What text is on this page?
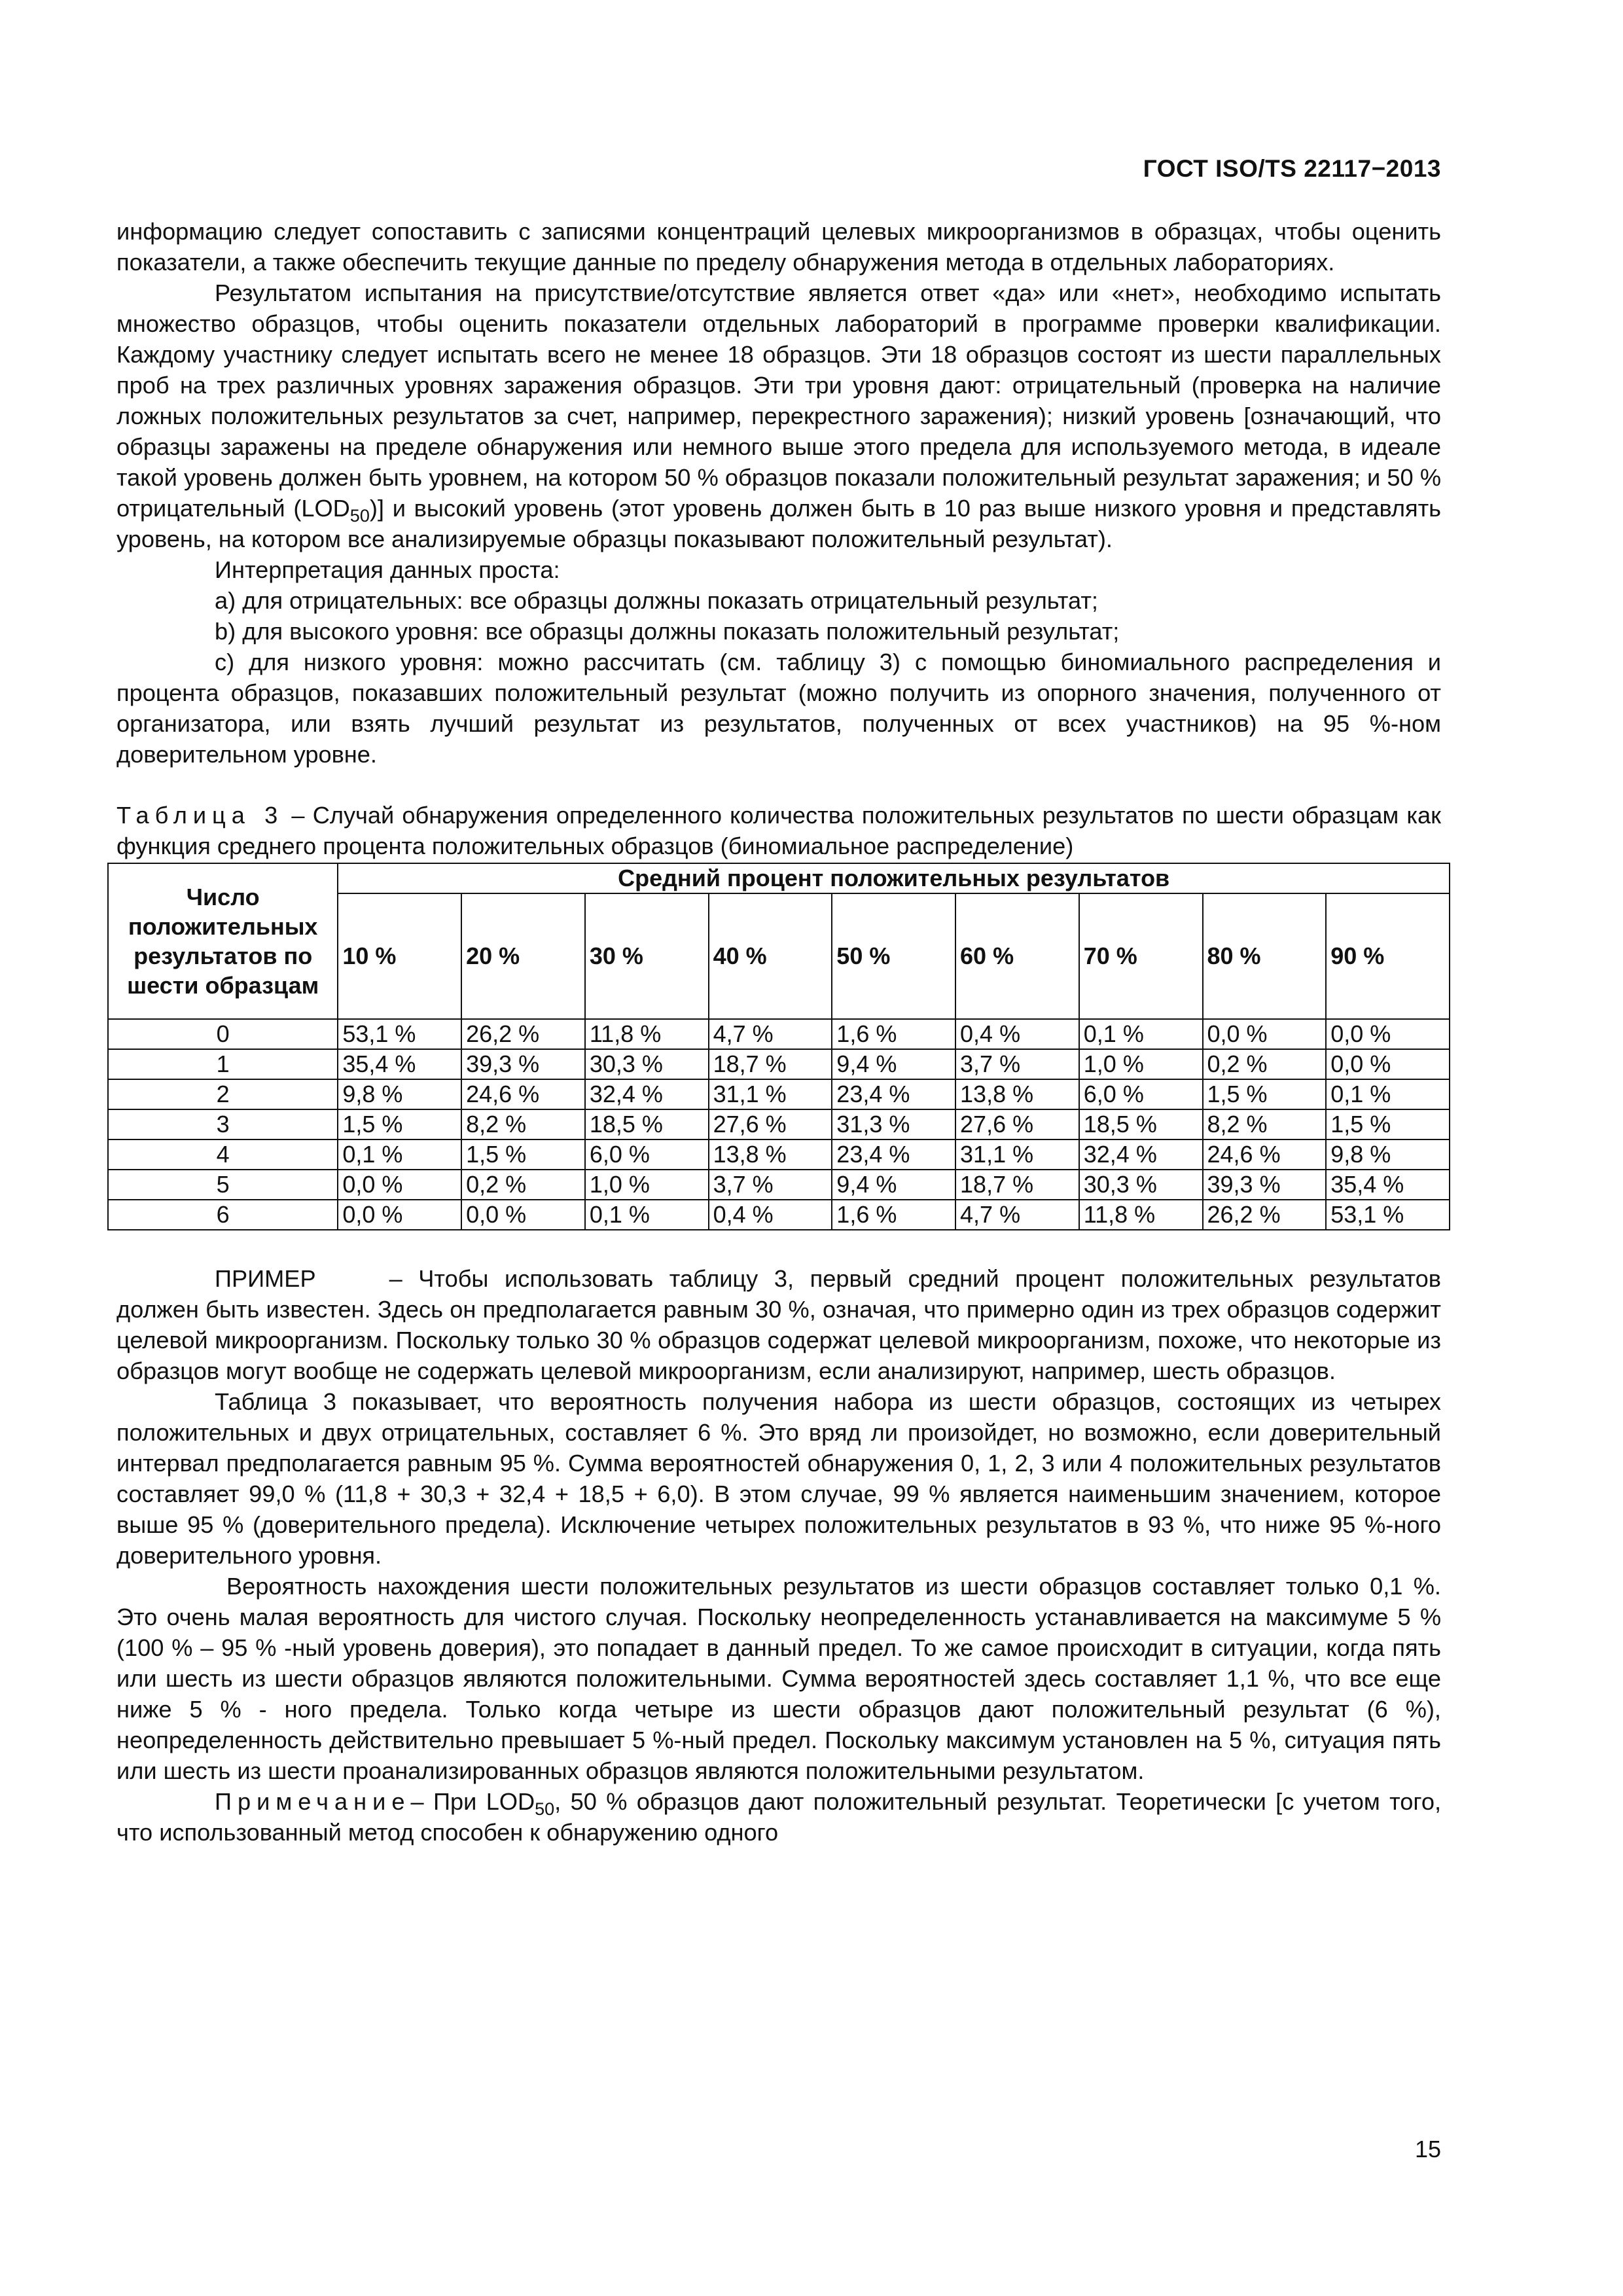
ГОСТ ISO/TS 22117−2013

информацию следует сопоставить с записями концентраций целевых микроорганизмов в образцах, чтобы оценить показатели, а также обеспечить текущие данные по пределу обнаружения метода в отдельных лабораториях.

Результатом испытания на присутствие/отсутствие является ответ «да» или «нет», необходимо испытать множество образцов, чтобы оценить показатели отдельных лабораторий в программе проверки квалификации. Каждому участнику следует испытать всего не менее 18 образцов. Эти 18 образцов состоят из шести параллельных проб на трех различных уровнях заражения образцов. Эти три уровня дают: отрицательный (проверка на наличие ложных положительных результатов за счет, например, перекрестного заражения); низкий уровень [означающий, что образцы заражены на пределе обнаружения или немного выше этого предела для используемого метода, в идеале такой уровень должен быть уровнем, на котором 50 % образцов показали положительный результат заражения; и 50 % отрицательный $(LOD_{50})$] и высокий уровень (этот уровень должен быть в 10 раз выше низкого уровня и представлять уровень, на котором все анализируемые образцы показывают положительный результат).

Интерпретация данных проста:

a) для отрицательных: все образцы должны показать отрицательный результат;

b) для высокого уровня: все образцы должны показать положительный результат;

c) для низкого уровня: можно рассчитать (см. таблицу 3) с помощью биномиального распределения и процента образцов, показавших положительный результат (можно получить из опорного значения, полученного от организатора, или взять лучший результат из результатов, полученных от всех участников) на 95 %-ном доверительном уровне.

Таблица 3 – Случай обнаружения определенного количества положительных результатов по шести образцам как функция среднего процента положительных образцов (биномиальное распределение)

Число положительных результатов по шести образцам	Средний процент положительных результатов								
	10 %	20 %	30 %	40 %	50 %	60 %	70 %	80 %	90 %
0	53,1 %	26,2 %	11,8 %	4,7 %	1,6 %	0,4 %	0,1 %	0,0 %	0,0 %
1	35,4 %	39,3 %	30,3 %	18,7 %	9,4 %	3,7 %	1,0 %	0,2 %	0,0 %
2	9,8 %	24,6 %	32,4 %	31,1 %	23,4 %	13,8 %	6,0 %	1,5 %	0,1 %
3	1,5 %	8,2 %	18,5 %	27,6 %	31,3 %	27,6 %	18,5 %	8,2 %	1,5 %
4	0,1 %	1,5 %	6,0 %	13,8 %	23,4 %	31,1 %	32,4 %	24,6 %	9,8 %
5	0,0 %	0,2 %	1,0 %	3,7 %	9,4 %	18,7 %	30,3 %	39,3 %	35,4 %
6	0,0 %	0,0 %	0,1 %	0,4 %	1,6 %	4,7 %	11,8 %	26,2 %	53,1 %

ПРИМЕР	– Чтобы использовать таблицу 3, первый средний процент положительных результатов должен быть известен. Здесь он предполагается равным 30 %, означая, что примерно один из трех образцов содержит целевой микроорганизм. Поскольку только 30 % образцов содержат целевой микроорганизм, похоже, что некоторые из образцов могут вообще не содержать целевой микроорганизм, если анализируют, например, шесть образцов.

Таблица 3 показывает, что вероятность получения набора из шести образцов, состоящих из четырех положительных и двух отрицательных, составляет 6 %. Это вряд ли произойдет, но возможно, если доверительный интервал предполагается равным 95 %. Сумма вероятностей обнаружения 0, 1, 2, 3 или 4 положительных результатов составляет 99,0 % (11,8 + 30,3 + 32,4 + 18,5 + 6,0). В этом случае, 99 % является наименьшим значением, которое выше 95 % (доверительного предела). Исключение четырех положительных результатов в 93 %, что ниже 95 %-ного доверительного уровня.

Вероятность нахождения шести положительных результатов из шести образцов составляет только 0,1 %. Это очень малая вероятность для чистого случая. Поскольку неопределенность устанавливается на максимуме 5 % (100 % – 95 % -ный уровень доверия), это попадает в данный предел. То же самое происходит в ситуации, когда пять или шесть из шести образцов являются положительными. Сумма вероятностей здесь составляет 1,1 %, что все еще ниже 5 % - ного предела. Только когда четыре из шести образцов дают положительный результат (6 %), неопределенность действительно превышает 5 %-ный предел. Поскольку максимум установлен на 5 %, ситуация пять или шесть из шести проанализированных образцов являются положительными результатом.

Примечание– При $LOD_{50}$, 50 % образцов дают положительный результат. Теоретически [с учетом того, что использованный метод способен к обнаружению одного

15
